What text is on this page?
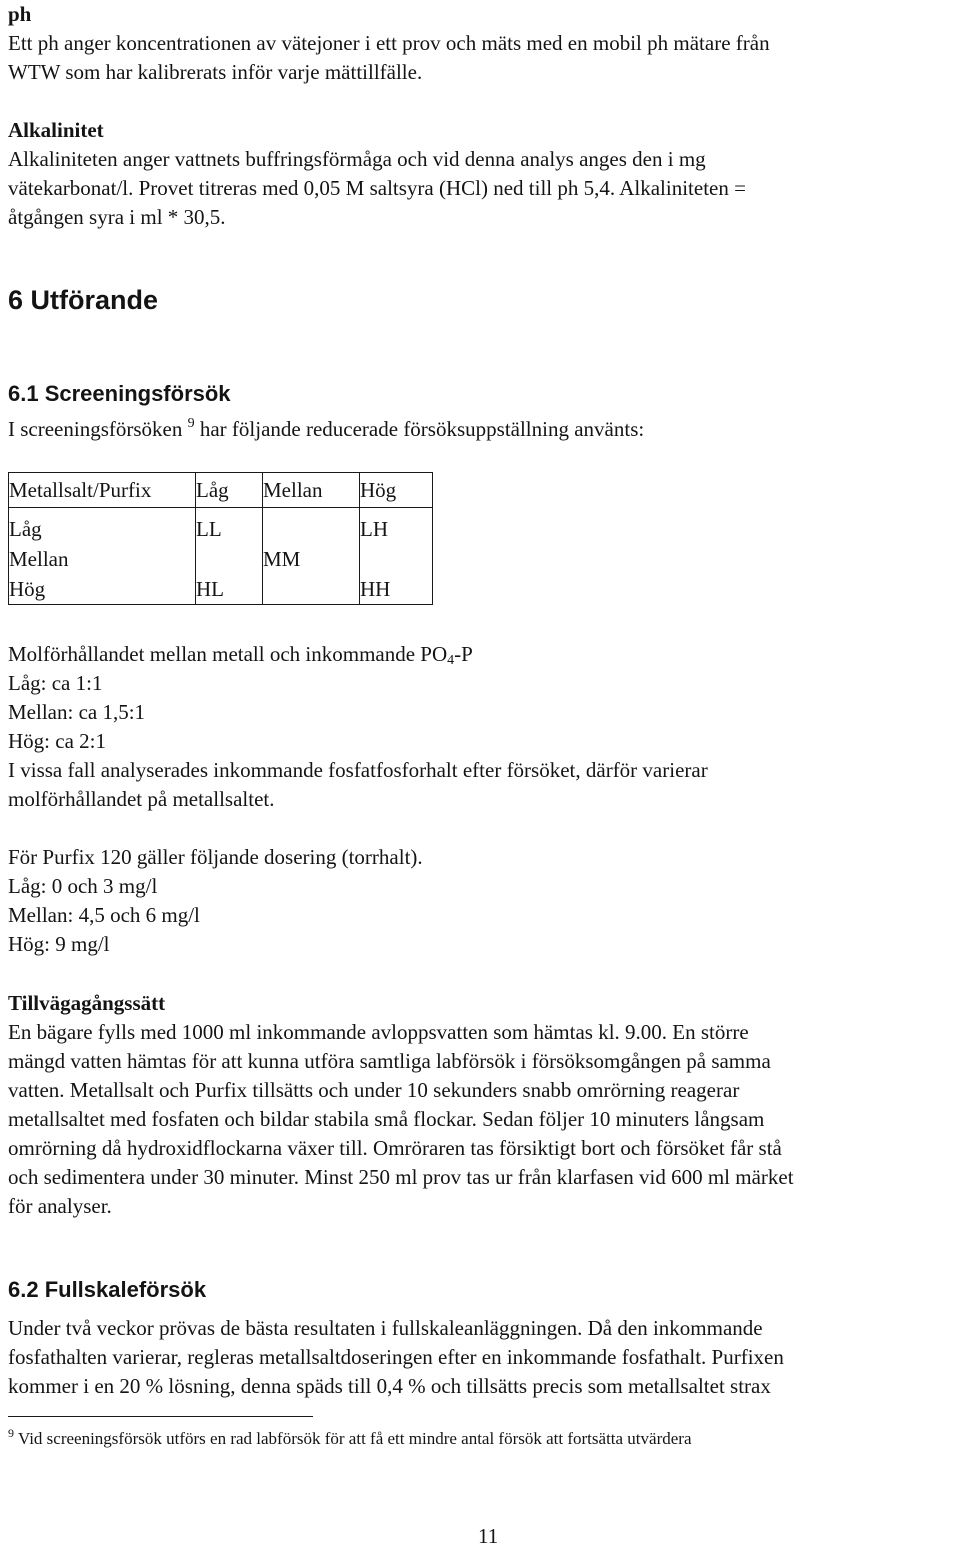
ph
Ett ph anger koncentrationen av vätejoner i ett prov och mäts med en mobil ph mätare från
WTW som har kalibrerats inför varje mättillfälle.
Alkalinitet
Alkaliniteten anger vattnets buffringsförmåga och vid denna analys anges den i mg
vätekarbonat/l. Provet titreras med 0,05 M saltsyra (HCl) ned till ph 5,4. Alkaliniteten =
åtgången syra i ml * 30,5.
6 Utförande
6.1 Screeningsförsök
I screeningsförsöken $^9$ har följande reducerade försöksuppställning använts:
Metallsalt/Purfix	Låg	Mellan	Hög
Låg	LL		LH
Mellan		MM	
Hög	HL		HH
Molförhållandet mellan metall och inkommande $PO_4-P$
Låg: ca 1:1
Mellan: ca 1,5:1
Hög: ca 2:1
I vissa fall analyserades inkommande fosfatfosforhalt efter försöket, därför varierar
molförhållandet på metallsaltet.
För Purfix 120 gäller följande dosering (torrhalt).
Låg: 0 och 3 mg/l
Mellan: 4,5 och 6 mg/l
Hög: 9 mg/l
Tillvägagångssätt
En bägare fylls med 1000 ml inkommande avloppsvatten som hämtas kl. 9.00. En större
mängd vatten hämtas för att kunna utföra samtliga labförsök i försöksomgången på samma
vatten. Metallsalt och Purfix tillsätts och under 10 sekunders snabb omrörning reagerar
metallsaltet med fosfaten och bildar stabila små flockar. Sedan följer 10 minuters långsam
omrörning då hydroxidflockarna växer till. Omröraren tas försiktigt bort och försöket får stå
och sedimentera under 30 minuter. Minst 250 ml prov tas ur från klarfasen vid 600 ml märket
för analyser.
6.2 Fullskaleförsök
Under två veckor prövas de bästa resultaten i fullskaleanläggningen. Då den inkommande
fosfathalten varierar, regleras metallsaltdoseringen efter en inkommande fosfathalt. Purfixen
kommer i en 20 % lösning, denna späds till 0,4 % och tillsätts precis som metallsaltet strax
$^9$ Vid screeningsförsök utförs en rad labförsök för att få ett mindre antal försök att fortsätta utvärdera
11
